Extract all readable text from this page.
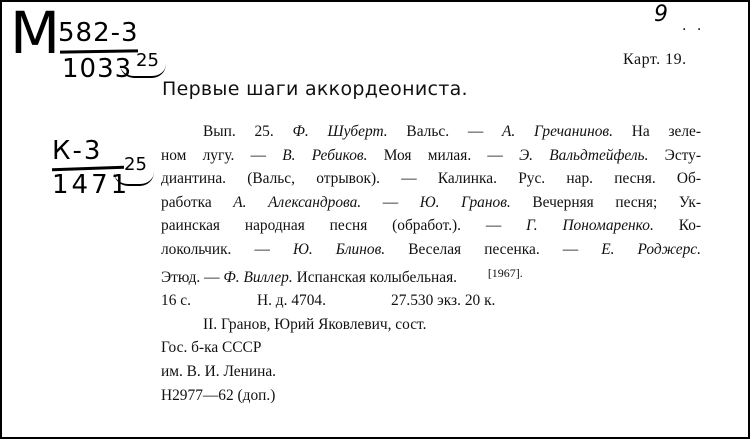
М
582-3
1033 25
К-3
1471
25
9
· ·
Карт. 19.
Первые шаги аккордеониста.
Вып. 25. Ф. Шуберт. Вальс. — А. Гречанинов. На зеле-
ном лугу. — В. Ребиков. Моя милая. — Э. Вальдтейфель. Эсту-
диантина. (Вальс, отрывок). — Калинка. Рус. нар. песня. Об-
работка А. Александрова. — Ю. Гранов. Вечерняя песня; Ук-
раинская народная песня (обработ.). — Г. Пономаренко. Ко-
локольчик. — Ю. Блинов. Веселая песенка. — Е. Роджерс.
Этюд. — Ф. Виллер. Испанская колыбельная.	$^{[1967].}$
16 с.	Н. д. 4704.	27.530 экз. 20 к.
II. Гранов, Юрий Яковлевич, сост.
Гос. б-ка СССР
им. В. И. Ленина.
Н2977—62 (доп.)
